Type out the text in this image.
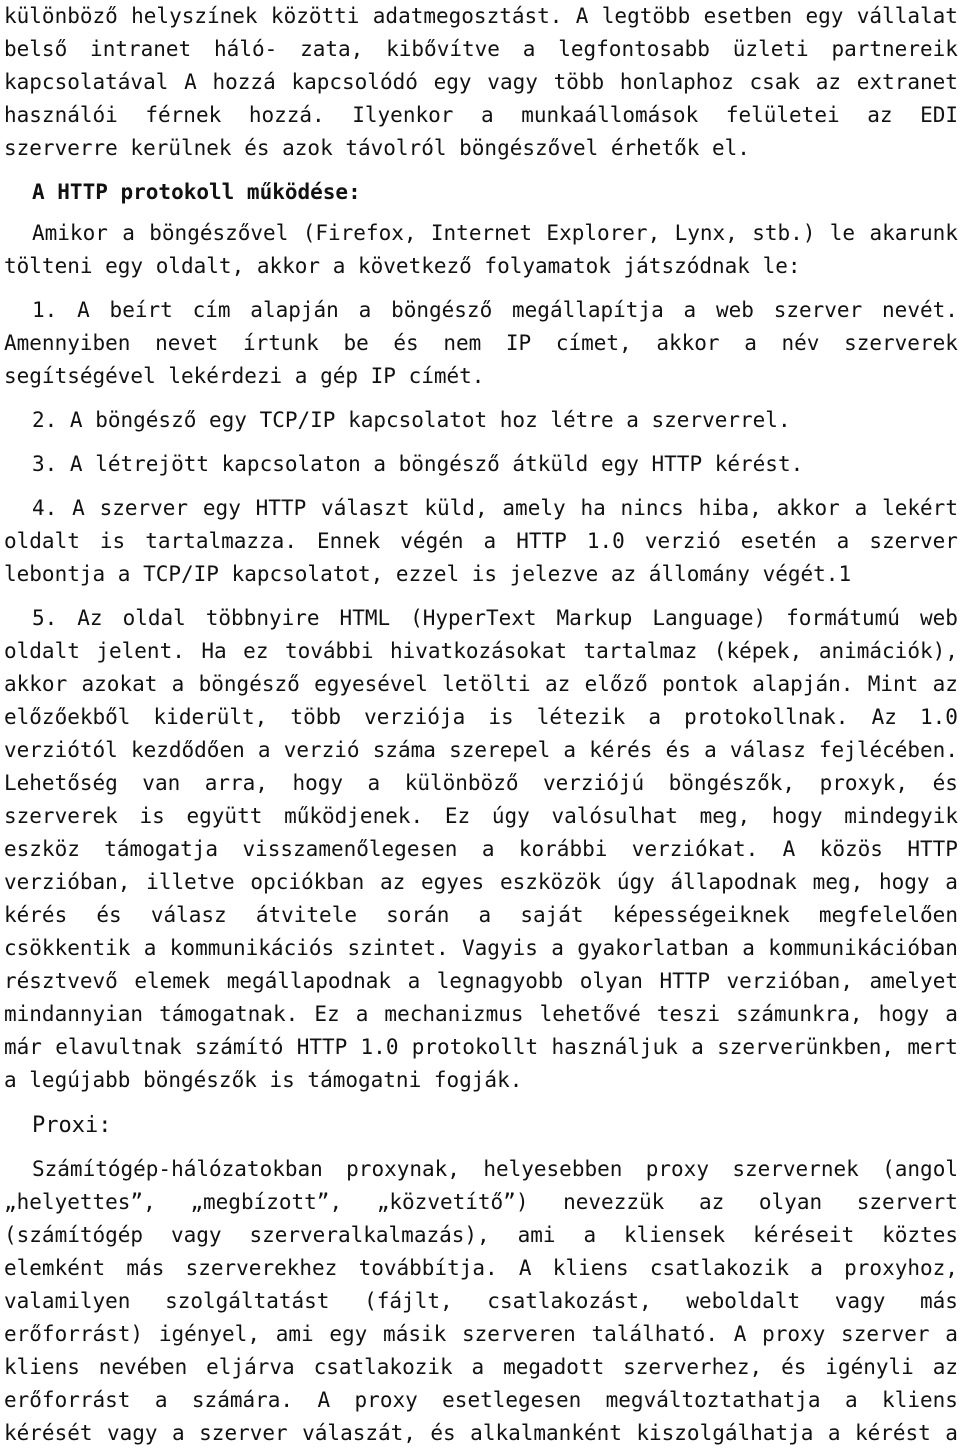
különböző helyszínek közötti adatmegosztást. A legtöbb esetben egy vállalat
belső intranet háló- zata, kibővítve a legfontosabb üzleti partnereik
kapcsolatával A hozzá kapcsolódó egy vagy több honlaphoz csak az extranet
használói férnek hozzá. Ilyenkor a munkaállomások felületei az EDI
szerverre kerülnek és azok távolról böngészővel érhetők el.
A HTTP protokoll működése:
Amikor a böngészővel (Firefox, Internet Explorer, Lynx, stb.) le akarunk
tölteni egy oldalt, akkor a következő folyamatok játszódnak le:
1. A beírt cím alapján a böngésző megállapítja a web szerver nevét.
Amennyiben nevet írtunk be és nem IP címet, akkor a név szerverek
segítségével lekérdezi a gép IP címét.
2. A böngésző egy TCP/IP kapcsolatot hoz létre a szerverrel.
3. A létrejött kapcsolaton a böngésző átküld egy HTTP kérést.
4. A szerver egy HTTP választ küld, amely ha nincs hiba, akkor a lekért
oldalt is tartalmazza. Ennek végén a HTTP 1.0 verzió esetén a szerver
lebontja a TCP/IP kapcsolatot, ezzel is jelezve az állomány végét.1
5. Az oldal többnyire HTML (HyperText Markup Language) formátumú web
oldalt jelent. Ha ez további hivatkozásokat tartalmaz (képek, animációk),
akkor azokat a böngésző egyesével letölti az előző pontok alapján. Mint az
előzőekből kiderült, több verziója is létezik a protokollnak. Az 1.0
verziótól kezdődően a verzió száma szerepel a kérés és a válasz fejlécében.
Lehetőség van arra, hogy a különböző verziójú böngészők, proxyk, és
szerverek is együtt működjenek. Ez úgy valósulhat meg, hogy mindegyik
eszköz támogatja visszamenőlegesen a korábbi verziókat. A közös HTTP
verzióban, illetve opciókban az egyes eszközök úgy állapodnak meg, hogy a
kérés és válasz átvitele során a saját képességeiknek megfelelően
csökkentik a kommunikációs szintet. Vagyis a gyakorlatban a kommunikációban
résztvevő elemek megállapodnak a legnagyobb olyan HTTP verzióban, amelyet
mindannyian támogatnak. Ez a mechanizmus lehetővé teszi számunkra, hogy a
már elavultnak számító HTTP 1.0 protokollt használjuk a szerverünkben, mert
a legújabb böngészők is támogatni fogják.
Proxi:
Számítógép-hálózatokban proxynak, helyesebben proxy szervernek (angol
„helyettes”, „megbízott”, „közvetítő”) nevezzük az olyan szervert
(számítógép vagy szerveralkalmazás), ami a kliensek kéréseit köztes
elemként más szerverekhez továbbítja. A kliens csatlakozik a proxyhoz,
valamilyen szolgáltatást (fájlt, csatlakozást, weboldalt vagy más
erőforrást) igényel, ami egy másik szerveren található. A proxy szerver a
kliens nevében eljárva csatlakozik a megadott szerverhez, és igényli az
erőforrást a számára. A proxy esetlegesen megváltoztathatja a kliens
kérését vagy a szerver válaszát, és alkalmanként kiszolgálhatja a kérést a
